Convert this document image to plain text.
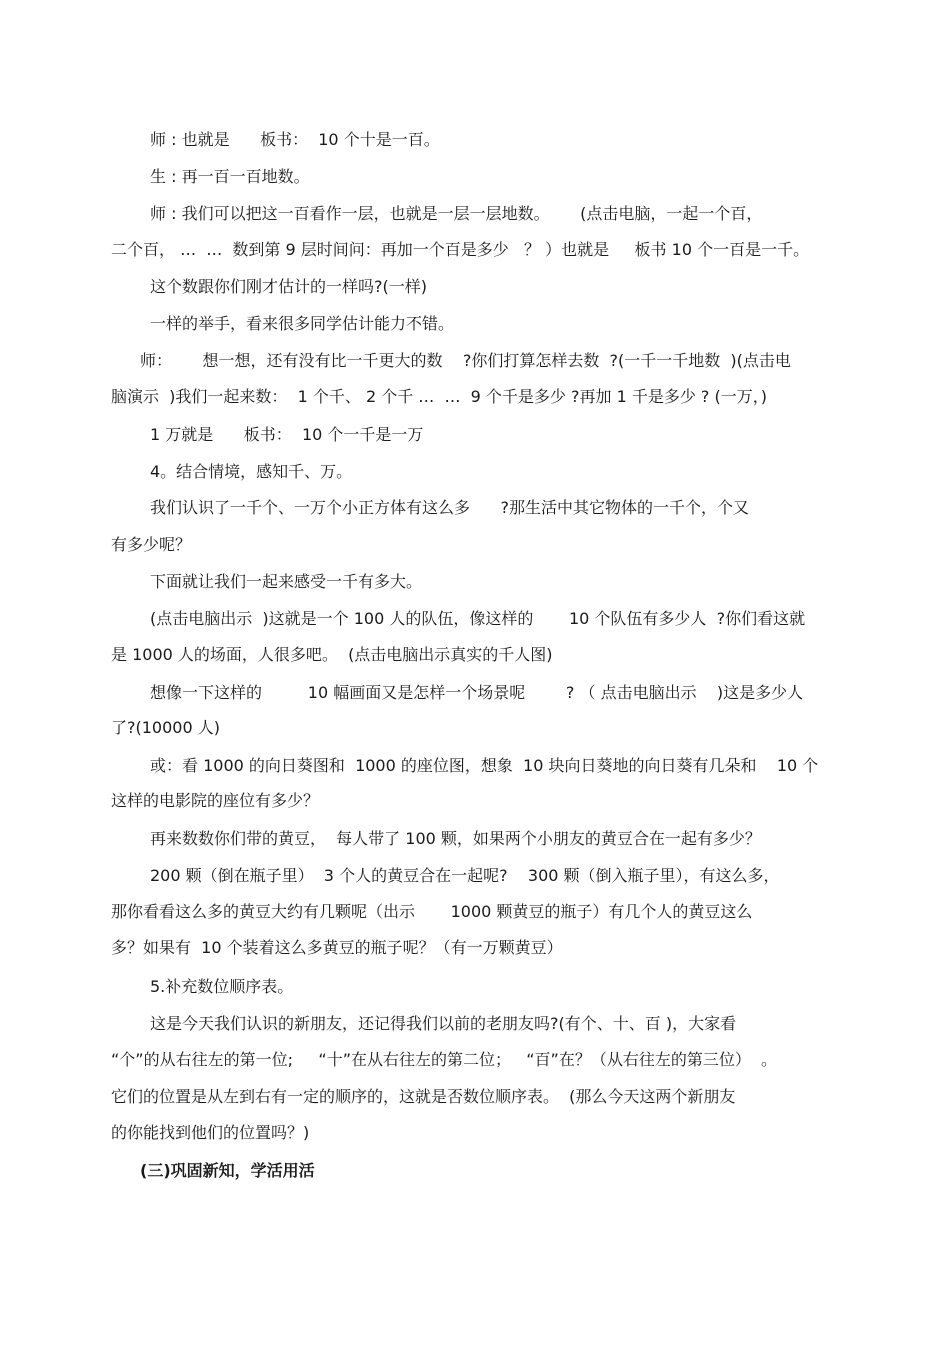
师 : 也就是      板书：  10 个十是一百。

生 : 再一百一百地数。

师 : 我们可以把这一百看作一层，也就是一层一层地数。      (点击电脑，一起一个百，

二个百， …  …  数到第 9 层时间问：再加一个百是多少   ？ ）也就是     板书 10 个一百是一千。

这个数跟你们刚才估计的一样吗?(一样)

一样的举手，看来很多同学估计能力不错。

师：      想一想，还有没有比一千更大的数    ?你们打算怎样去数  ?(一千一千地数  )(点击电

脑演示  )我们一起来数：  1 个千、 2 个千 …  …  9 个千是多少 ?再加 1 千是多少 ? (一万，)

1 万就是      板书：  10 个一千是一万

4。结合情境，感知千、万。

我们认识了一千个、一万个小正方体有这么多      ?那生活中其它物体的一千个，个又

有多少呢？

下面就让我们一起来感受一千有多大。

(点击电脑出示  )这就是一个 100 人的队伍，像这样的       10 个队伍有多少人  ?你们看这就

是 1000 人的场面，人很多吧。  (点击电脑出示真实的千人图)

想像一下这样的         10 幅画面又是怎样一个场景呢        ? （ 点击电脑出示    )这是多少人

了?(10000 人)

或：看 1000 的向日葵图和  1000 的座位图，想象  10 块向日葵地的向日葵有几朵和    10 个

这样的电影院的座位有多少？

再来数数你们带的黄豆，  每人带了 100 颗，如果两个小朋友的黄豆合在一起有多少？

200 颗（倒在瓶子里）  3 个人的黄豆合在一起呢?    300 颗（倒入瓶子里），有这么多，

那你看看这么多的黄豆大约有几颗呢（出示       1000 颗黄豆的瓶子）有几个人的黄豆这么

多？如果有  10 个装着这么多黄豆的瓶子呢？（有一万颗黄豆）

5.补充数位顺序表。

这是今天我们认识的新朋友，还记得我们以前的老朋友吗?(有个、十、百 )，大家看

“个”的从右往左的第一位;     “十”在从右往左的第二位；   “百”在？（从右往左的第三位）  。

它们的位置是从左到右有一定的顺序的，这就是否数位顺序表。  (那么今天这两个新朋友

的你能找到他们的位置吗？)

(三)巩固新知，学活用活
